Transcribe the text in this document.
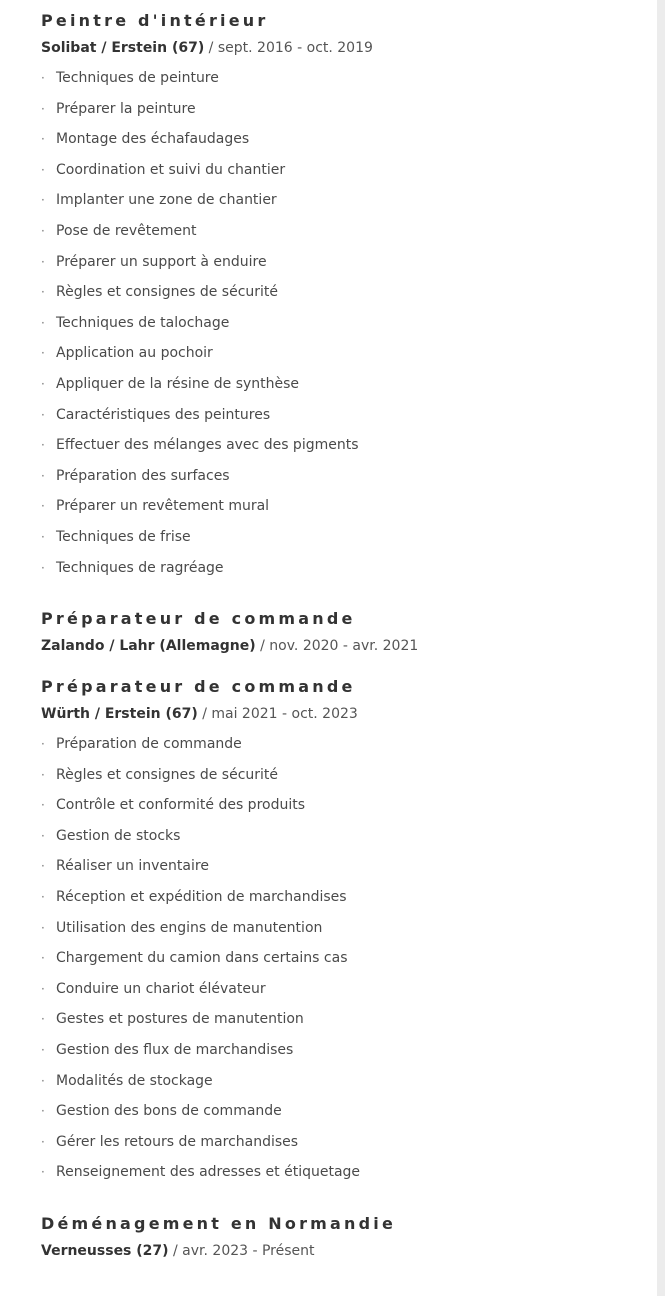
Peintre d'intérieur
Solibat / Erstein (67) / sept. 2016 - oct. 2019
· Techniques de peinture
· Préparer la peinture
· Montage des échafaudages
· Coordination et suivi du chantier
· Implanter une zone de chantier
· Pose de revêtement
· Préparer un support à enduire
· Règles et consignes de sécurité
· Techniques de talochage
· Application au pochoir
· Appliquer de la résine de synthèse
· Caractéristiques des peintures
· Effectuer des mélanges avec des pigments
· Préparation des surfaces
· Préparer un revêtement mural
· Techniques de frise
· Techniques de ragréage
Préparateur de commande
Zalando / Lahr (Allemagne) / nov. 2020 - avr. 2021
Préparateur de commande
Würth / Erstein (67) / mai 2021 - oct. 2023
· Préparation de commande
· Règles et consignes de sécurité
· Contrôle et conformité des produits
· Gestion de stocks
· Réaliser un inventaire
· Réception et expédition de marchandises
· Utilisation des engins de manutention
· Chargement du camion dans certains cas
· Conduire un chariot élévateur
· Gestes et postures de manutention
· Gestion des flux de marchandises
· Modalités de stockage
· Gestion des bons de commande
· Gérer les retours de marchandises
· Renseignement des adresses et étiquetage
Déménagement en Normandie
Verneusses (27) / avr. 2023 - Présent
